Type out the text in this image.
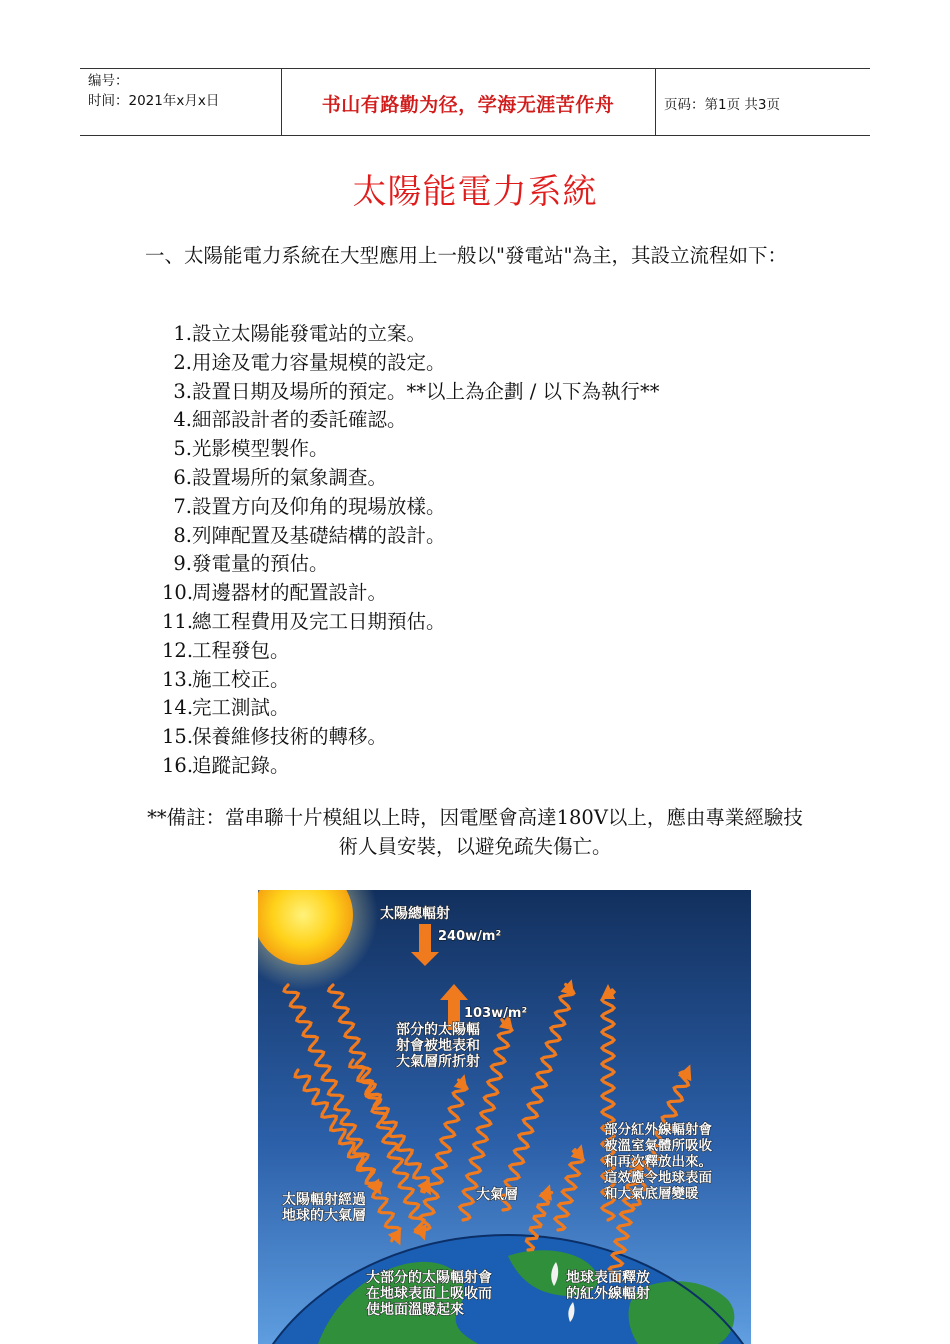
编号：
时间：2021年x月x日	书山有路勤为径，学海无涯苦作舟	页码：第1页 共3页
太陽能電力系統
一、太陽能電力系統在大型應用上一般以"發電站"為主，其設立流程如下：
1.設立太陽能發電站的立案。
2.用途及電力容量規模的設定。
3.設置日期及場所的預定。**以上為企劃 / 以下為執行**
4.細部設計者的委託確認。
5.光影模型製作。
6.設置場所的氣象調查。
7.設置方向及仰角的現場放樣。
8.列陣配置及基礎結構的設計。
9.發電量的預估。
10.周邊器材的配置設計。
11.總工程費用及完工日期預估。
12.工程發包。
13.施工校正。
14.完工測試。
15.保養維修技術的轉移。
16.追蹤記錄。
**備註：當串聯十片模組以上時，因電壓會高達180V以上，應由專業經驗技術人員安裝，以避免疏失傷亡。
太陽總輻射
240w/m²
103w/m²
部分的太陽輻
射會被地表和
大氣層所折射
部分紅外線輻射會
被溫室氣體所吸收
和再次釋放出來。
這效應令地球表面
和大氣底層變暖
太陽輻射經過
地球的大氣層
大氣層
大部分的太陽輻射會
在地球表面上吸收而
使地面溫暖起來
地球表面釋放
的紅外線輻射
